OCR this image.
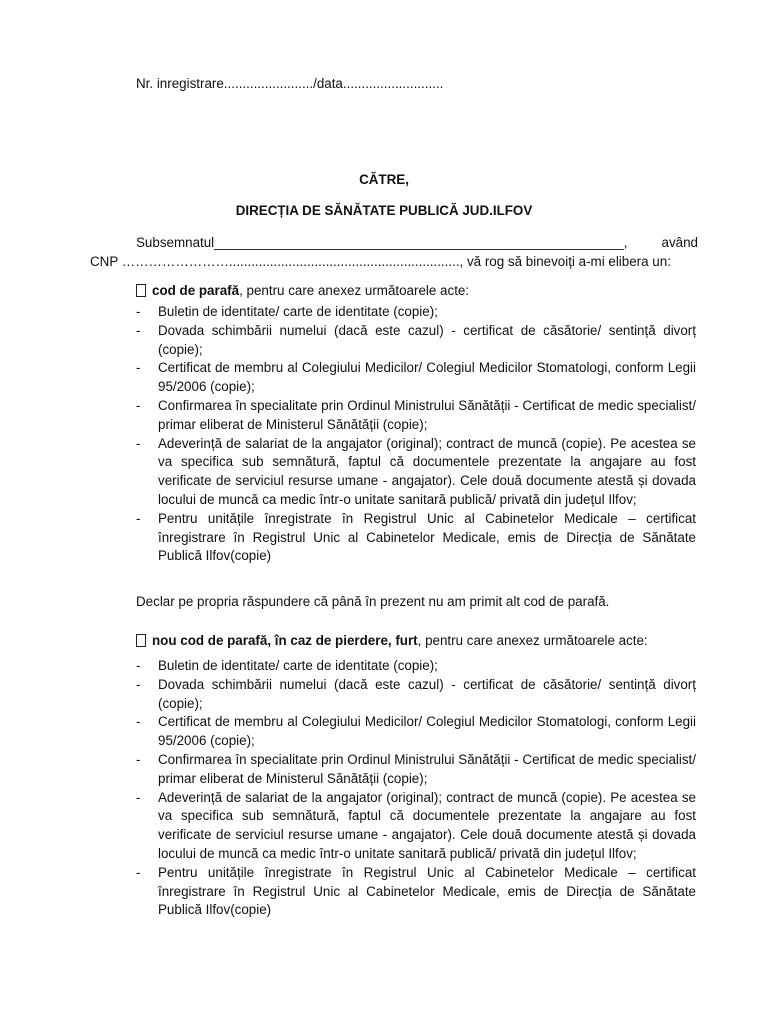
Nr. inregistrare......................../data...........................
CĂTRE,
DIRECȚIA DE SĂNĂTATE PUBLICĂ JUD.ILFOV
Subsemnatul_______________________________________________________,	având
CNP …………………….............................................................., vă rog să binevoiți a-mi elibera un:
cod de parafă, pentru care anexez următoarele acte:
- Buletin de identitate/ carte de identitate (copie);
- Dovada schimbării numelui (dacă este cazul) - certificat de căsătorie/ sentință divorț (copie);
- Certificat de membru al Colegiului Medicilor/ Colegiul Medicilor Stomatologi, conform Legii 95/2006 (copie);
- Confirmarea în specialitate prin Ordinul Ministrului Sănătății - Certificat de medic specialist/ primar eliberat de Ministerul Sănătății (copie);
- Adeverință de salariat de la angajator (original); contract de muncă (copie). Pe acestea se va specifica sub semnătură, faptul că documentele prezentate la angajare au fost verificate de serviciul resurse umane - angajator). Cele două documente atestă și dovada locului de muncă ca medic într-o unitate sanitară publică/ privată din județul Ilfov;
- Pentru unitățile înregistrate în Registrul Unic al Cabinetelor Medicale – certificat înregistrare în Registrul Unic al Cabinetelor Medicale, emis de Direcția de Sănătate Publică Ilfov(copie)
Declar pe propria răspundere că până în prezent nu am primit alt cod de parafă.
nou cod de parafă, în caz de pierdere, furt, pentru care anexez următoarele acte:
- Buletin de identitate/ carte de identitate (copie);
- Dovada schimbării numelui (dacă este cazul) - certificat de căsătorie/ sentință divorț (copie);
- Certificat de membru al Colegiului Medicilor/ Colegiul Medicilor Stomatologi, conform Legii 95/2006 (copie);
- Confirmarea în specialitate prin Ordinul Ministrului Sănătății - Certificat de medic specialist/ primar eliberat de Ministerul Sănătății (copie);
- Adeverință de salariat de la angajator (original); contract de muncă (copie). Pe acestea se va specifica sub semnătură, faptul că documentele prezentate la angajare au fost verificate de serviciul resurse umane - angajator). Cele două documente atestă și dovada locului de muncă ca medic într-o unitate sanitară publică/ privată din județul Ilfov;
- Pentru unitățile înregistrate în Registrul Unic al Cabinetelor Medicale – certificat înregistrare în Registrul Unic al Cabinetelor Medicale, emis de Direcția de Sănătate Publică Ilfov(copie)
